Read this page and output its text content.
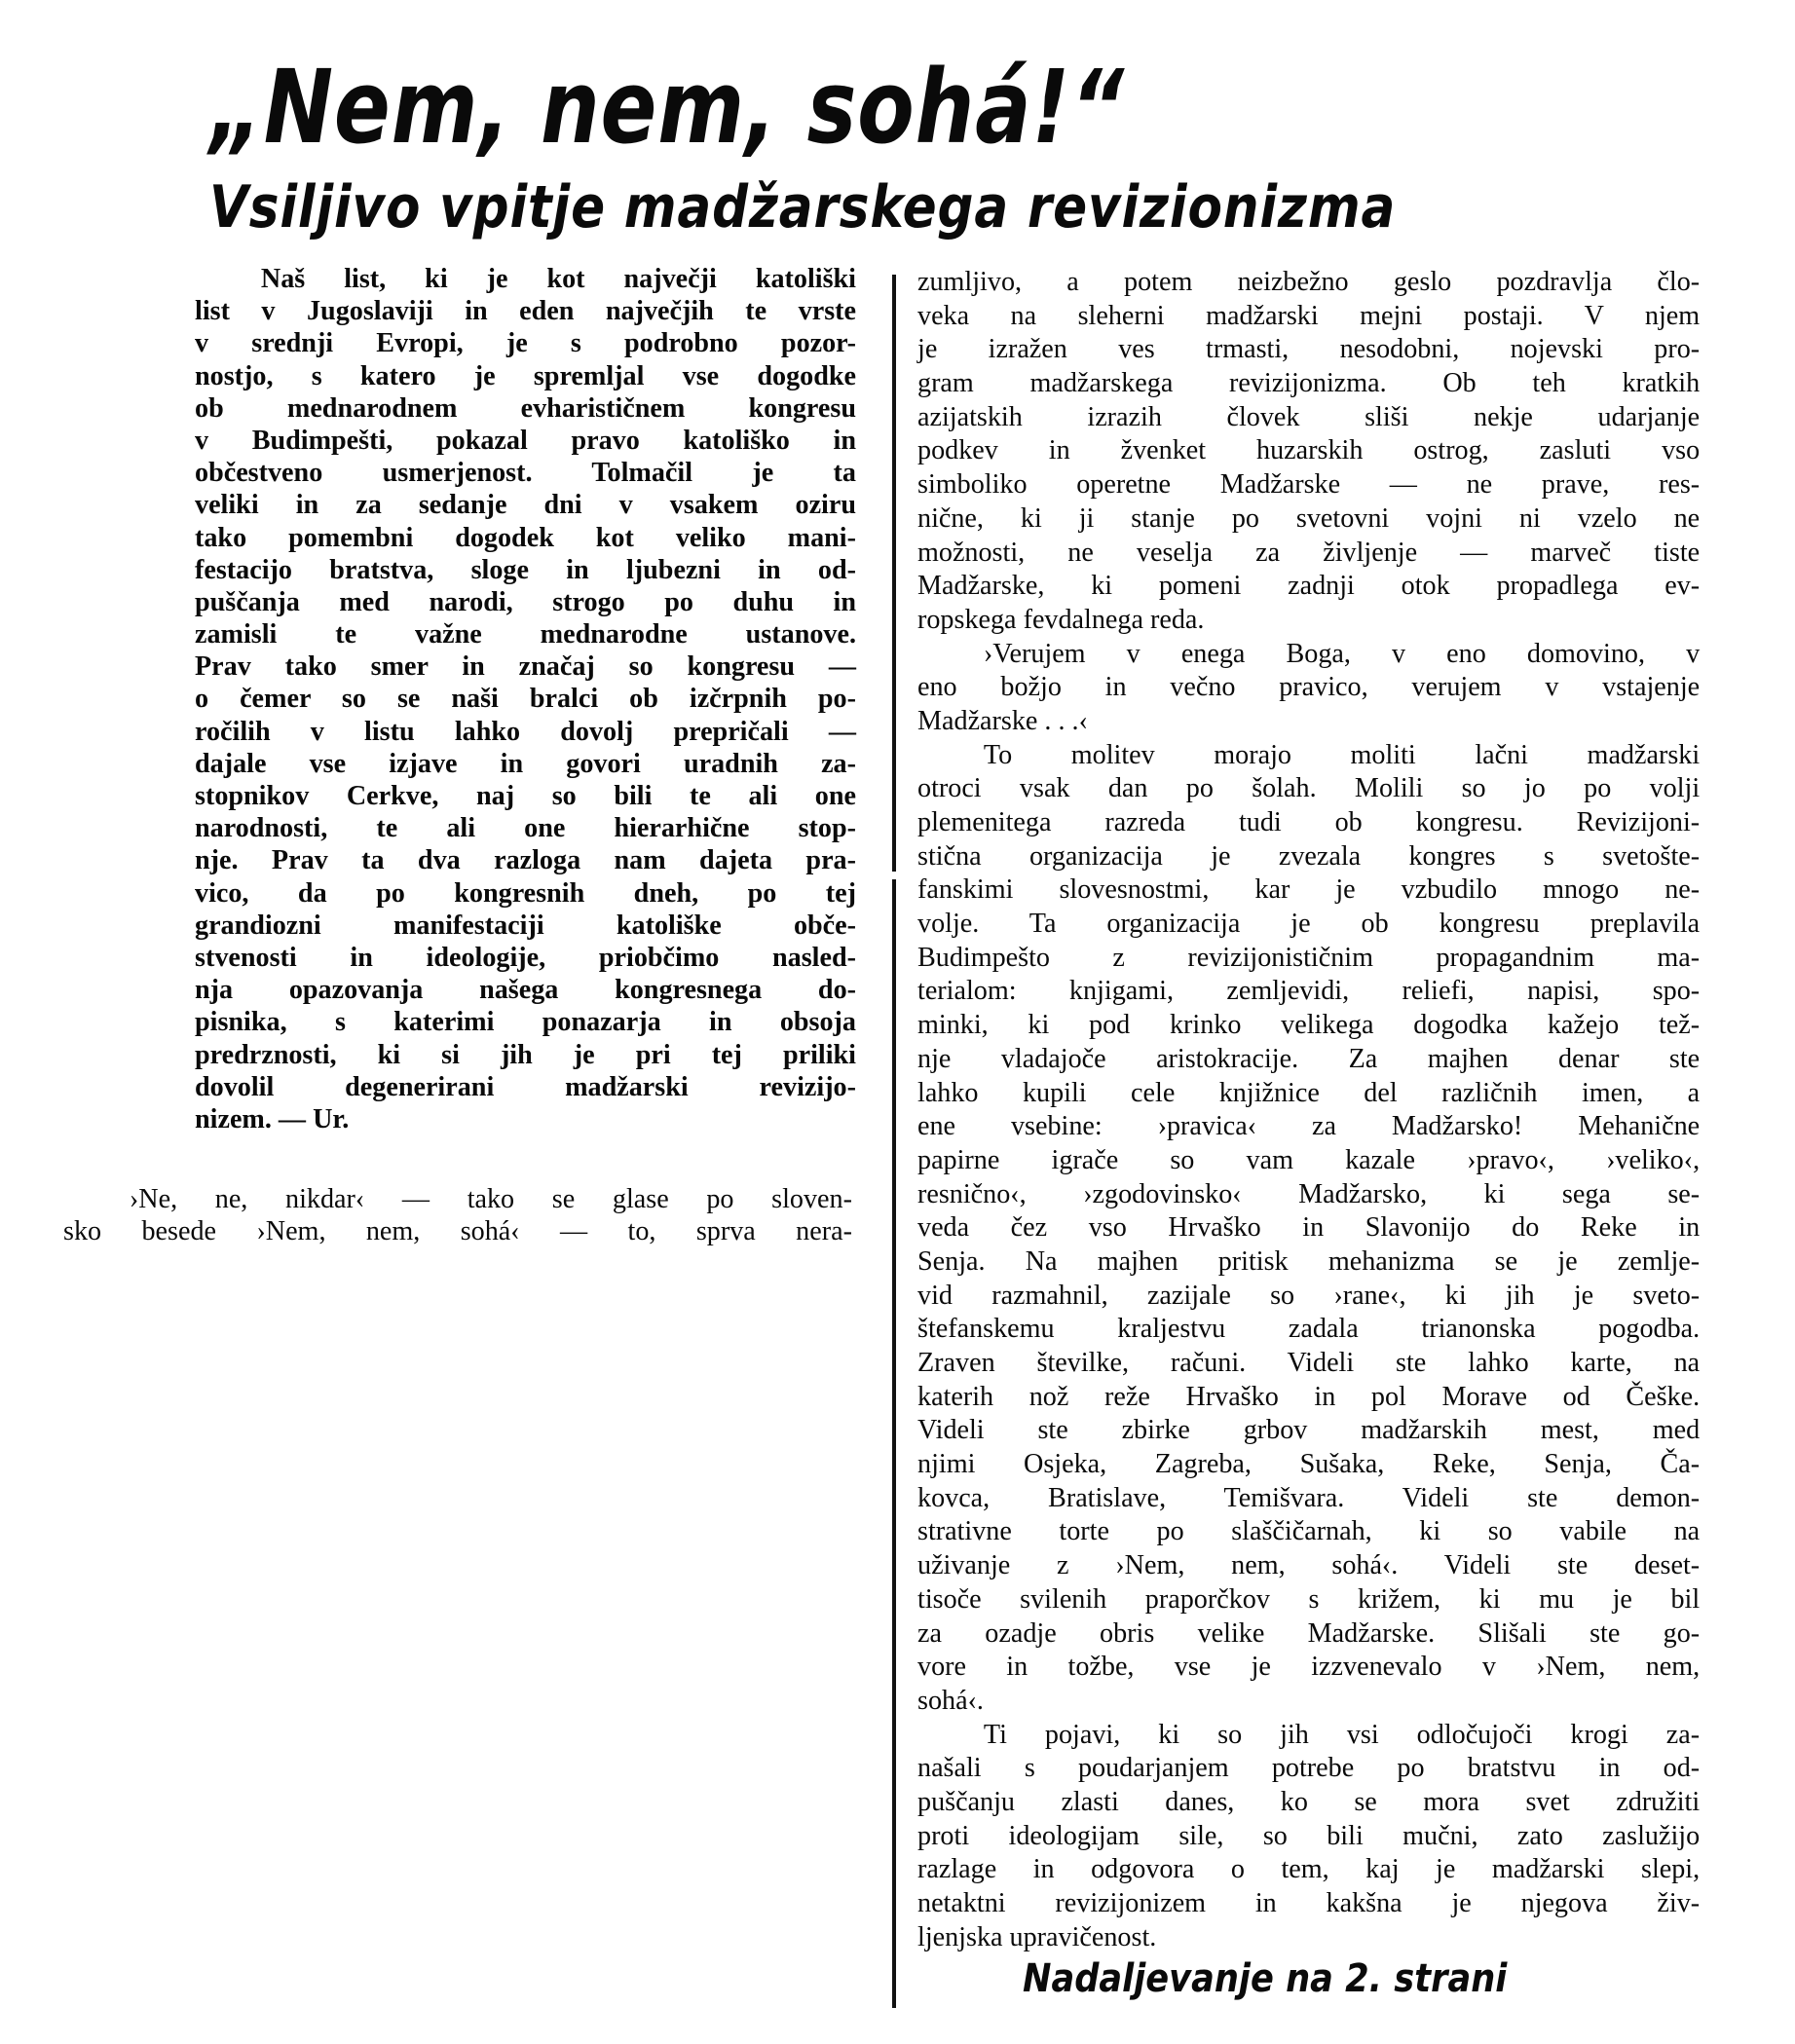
„Nem, nem, sohá!“
Vsiljivo vpitje madžarskega revizionizma
Naš list, ki je kot največji katoliški
list v Jugoslaviji in eden največjih te vrste
v srednji Evropi, je s podrobno pozor-
nostjo, s katero je spremljal vse dogodke
ob mednarodnem evharističnem kongresu
v Budimpešti, pokazal pravo katoliško in
občestveno usmerjenost. Tolmačil je ta
veliki in za sedanje dni v vsakem oziru
tako pomembni dogodek kot veliko mani-
festacijo bratstva, sloge in ljubezni in od-
puščanja med narodi, strogo po duhu in
zamisli te važne mednarodne ustanove.
Prav tako smer in značaj so kongresu —
o čemer so se naši bralci ob izčrpnih po-
ročilih v listu lahko dovolj prepričali —
dajale vse izjave in govori uradnih za-
stopnikov Cerkve, naj so bili te ali one
narodnosti, te ali one hierarhične stop-
nje. Prav ta dva razloga nam dajeta pra-
vico, da po kongresnih dneh, po tej
grandiozni manifestaciji katoliške obče-
stvenosti in ideologije, priobčimo nasled-
nja opazovanja našega kongresnega do-
pisnika, s katerimi ponazarja in obsoja
predrznosti, ki si jih je pri tej priliki
dovolil degenerirani madžarski revizijo-
nizem. — Ur.
›Ne, ne, nikdar‹ — tako se glase po sloven-
sko besede ›Nem, nem, sohá‹ — to, sprva nera-
zumljivo, a potem neizbežno geslo pozdravlja člo-
veka na sleherni madžarski mejni postaji. V njem
je izražen ves trmasti, nesodobni, nojevski pro-
gram madžarskega revizijonizma. Ob teh kratkih
azijatskih izrazih človek sliši nekje udarjanje
podkev in žvenket huzarskih ostrog, zasluti vso
simboliko operetne Madžarske — ne prave, res-
nične, ki ji stanje po svetovni vojni ni vzelo ne
možnosti, ne veselja za življenje — marveč tiste
Madžarske, ki pomeni zadnji otok propadlega ev-
ropskega fevdalnega reda.
›Verujem v enega Boga, v eno domovino, v
eno božjo in večno pravico, verujem v vstajenje
Madžarske . . .‹
To molitev morajo moliti lačni madžarski
otroci vsak dan po šolah. Molili so jo po volji
plemenitega razreda tudi ob kongresu. Revizijoni-
stična organizacija je zvezala kongres s svetošte-
fanskimi slovesnostmi, kar je vzbudilo mnogo ne-
volje. Ta organizacija je ob kongresu preplavila
Budimpešto z revizijonističnim propagandnim ma-
terialom: knjigami, zemljevidi, reliefi, napisi, spo-
minki, ki pod krinko velikega dogodka kažejo tež-
nje vladajoče aristokracije. Za majhen denar ste
lahko kupili cele knjižnice del različnih imen, a
ene vsebine: ›pravica‹ za Madžarsko! Mehanične
papirne igrače so vam kazale ›pravo‹, ›veliko‹,
resnično‹, ›zgodovinsko‹ Madžarsko, ki sega se-
veda čez vso Hrvaško in Slavonijo do Reke in
Senja. Na majhen pritisk mehanizma se je zemlje-
vid razmahnil, zazijale so ›rane‹, ki jih je sveto-
štefanskemu kraljestvu zadala trianonska pogodba.
Zraven številke, računi. Videli ste lahko karte, na
katerih nož reže Hrvaško in pol Morave od Češke.
Videli ste zbirke grbov madžarskih mest, med
njimi Osjeka, Zagreba, Sušaka, Reke, Senja, Ča-
kovca, Bratislave, Temišvara. Videli ste demon-
strativne torte po slaščičarnah, ki so vabile na
uživanje z ›Nem, nem, sohá‹. Videli ste deset-
tisoče svilenih praporčkov s križem, ki mu je bil
za ozadje obris velike Madžarske. Slišali ste go-
vore in tožbe, vse je izzvenevalo v ›Nem, nem,
sohá‹.
Ti pojavi, ki so jih vsi odločujoči krogi za-
našali s poudarjanjem potrebe po bratstvu in od-
puščanju zlasti danes, ko se mora svet združiti
proti ideologijam sile, so bili mučni, zato zaslužijo
razlage in odgovora o tem, kaj je madžarski slepi,
netaktni revizijonizem in kakšna je njegova živ-
ljenjska upravičenost.
Nadaljevanje na 2. strani
